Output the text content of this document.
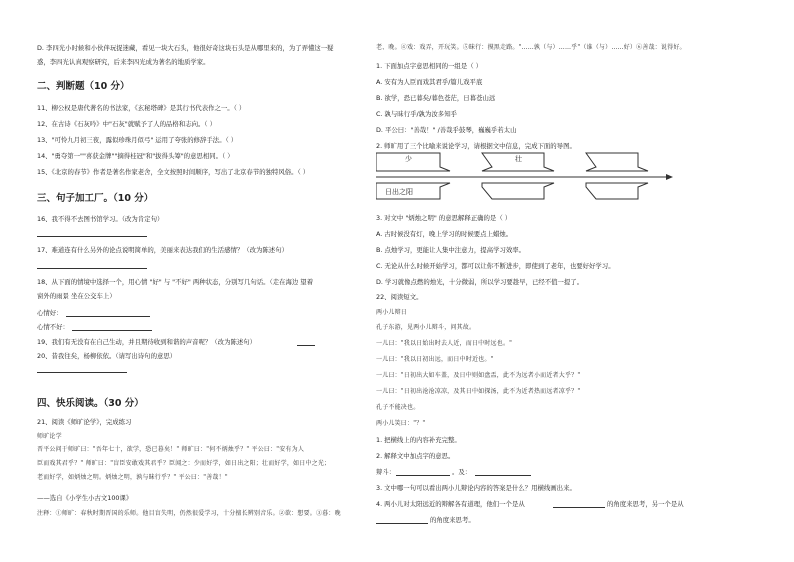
D. 李四光小时候和小伙伴玩捉迷藏，看见一块大石头，他很好奇这块石头是从哪里来的，为了弄懂这一疑
惑，李四光认真观察研究，后来李四光成为著名的地质学家。
二、判断题（10 分）
11、柳公权是唐代著名的书法家，《玄秘塔碑》是其行书代表作之一。（ ）
12、在古诗《石灰吟》中"石灰"就赋予了人的品格和志向。（ ）
13、"可怜九月初三夜，露似珍珠月似弓" 运用了夸张的修辞手法。（ ）
14、"勇夺第一""喜获金牌""摘得桂冠"和"拔得头筹"的意思相同。（ ）
15、《北京的春节》作者是著名作家老舍，全文按照时间顺序，写出了北京春节的独特风俗。（ ）
三、句子加工厂。（10 分）
16、我不得不去图书馆学习。（改为肯定句）
17、难道连有什么另外的论点说明简单的，美丽来表达我们的生活感情？（改为陈述句）
18、从下面的情境中选择一个，用心情 "好" 与 "不好" 两种状态，分别写几句话。（走在海边 望着
窗外的雨景 坐在公交车上）
心情好：
心情不好：
19、我们有无没有在自己生动，并且期待收到和谐的声音呢？（改为陈述句）
20、昔我往矣，杨柳依依。（请写出诗句的意思）
四、快乐阅读。（30 分）
21、阅读《师旷论学》，完成练习
师旷论学
晋平公问于师旷曰："吾年七十，欲学，恐已暮矣！" 师旷曰："何不炳烛乎？" 平公曰："安有为人
臣而戏其君乎？" 师旷曰："盲臣安敢戏其君乎？臣闻之：少而好学，如日出之阳；壮而好学，如日中之光；
老而好学，如炳烛之明。炳烛之明，孰与昧行乎？" 平公曰："善哉！"
——选自《小学生小古文100课》
注释：①师旷：春秋时期晋国的乐师。他目盲失明，仍然很爱学习，十分擅长辨别音乐。②欲：想要。③暮：晚
老、晚。④戏：戏弄，开玩笑。⑤昧行：摸黑走路。"……孰（与）……乎"（谁（与）……好）⑥善哉：说得好。
1. 下面加点字意思相同的一组是（ ）
A. 安有为人臣而戏其君乎/篇儿戏平底
B. 欲学，恐已暮矣/暮色苍茫，日暮苍山远
C. 孰与昧行乎/孰为汝多知乎
D. 平公曰："善哉！" /善哉乎鼓琴，巍巍乎若太山
2. 师旷用了三个比喻来说论学习，请根据文中信息，完成下面的导图。
少	壮
日出之阳
3. 对文中 "炳烛之明" 的意思解释正确的是（ ）
A. 古时候没有灯，晚上学习的时候要点上蜡烛。
B. 点烛学习，更能让人集中注意力，提高学习效率。
C. 无论从什么时候开始学习，都可以让你不断进步，即使到了老年，也要好好学习。
D. 学习就像点燃的烛光，十分微弱，所以学习要趁早，已经不值一提了。
22、阅读短文。
两小儿辩日
孔子东游，见两小儿辩斗，问其故。
一儿曰："我以日始出时去人近，而日中时远也。"
一儿曰："我以日初出远，而日中时近也。"
一儿曰："日初出大如车盖，及日中则如盘盂，此不为远者小而近者大乎？"
一儿曰："日初出沧沧凉凉，及其日中如探汤，此不为近者热而远者凉乎？"
孔子不能决也。
两小儿笑曰："？"
1. 把横线上的内容补充完整。
2. 解释文中加点字的意思。
辩斗：	。及：
3. 文中哪一句可以看出两小儿辩论内容的答案是什么？用横线画出来。
4. 两小儿对太阳远近的辩解各有道理，他们一个是从	的角度来思考，另一个是从
的角度来思考。
